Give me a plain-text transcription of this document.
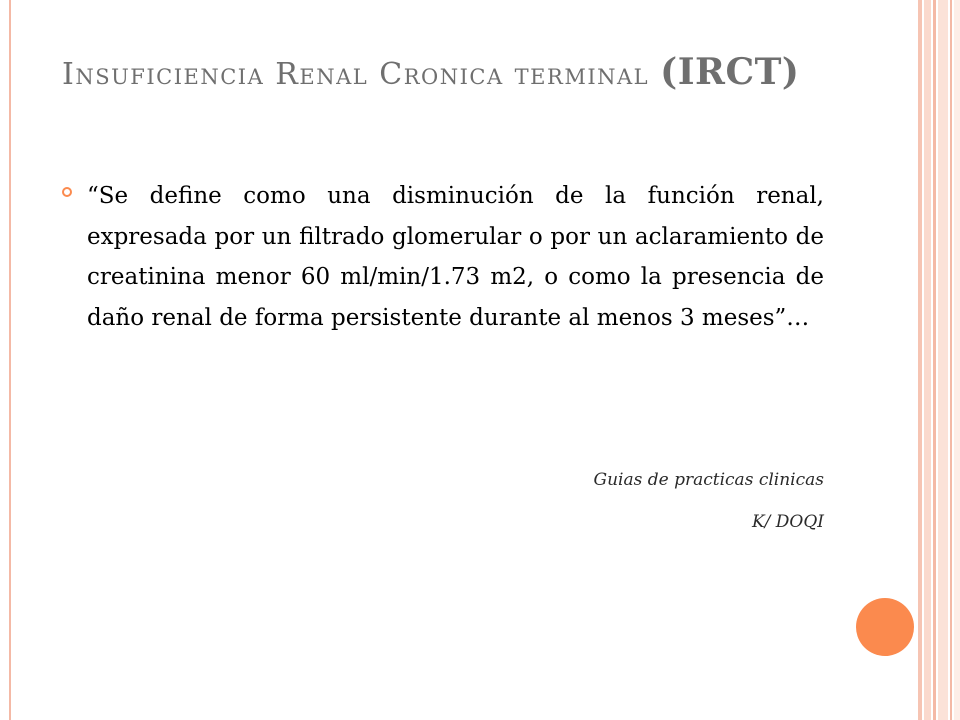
Insuficiencia Renal Cronica terminal (IRCT)

“Se define como una disminución de la función renal, expresada por un filtrado glomerular o por un aclaramiento de creatinina menor 60 ml/min/1.73 m2, o como la presencia de daño renal de forma persistente durante al menos 3 meses”…

Guias de practicas clinicas

K/ DOQI
